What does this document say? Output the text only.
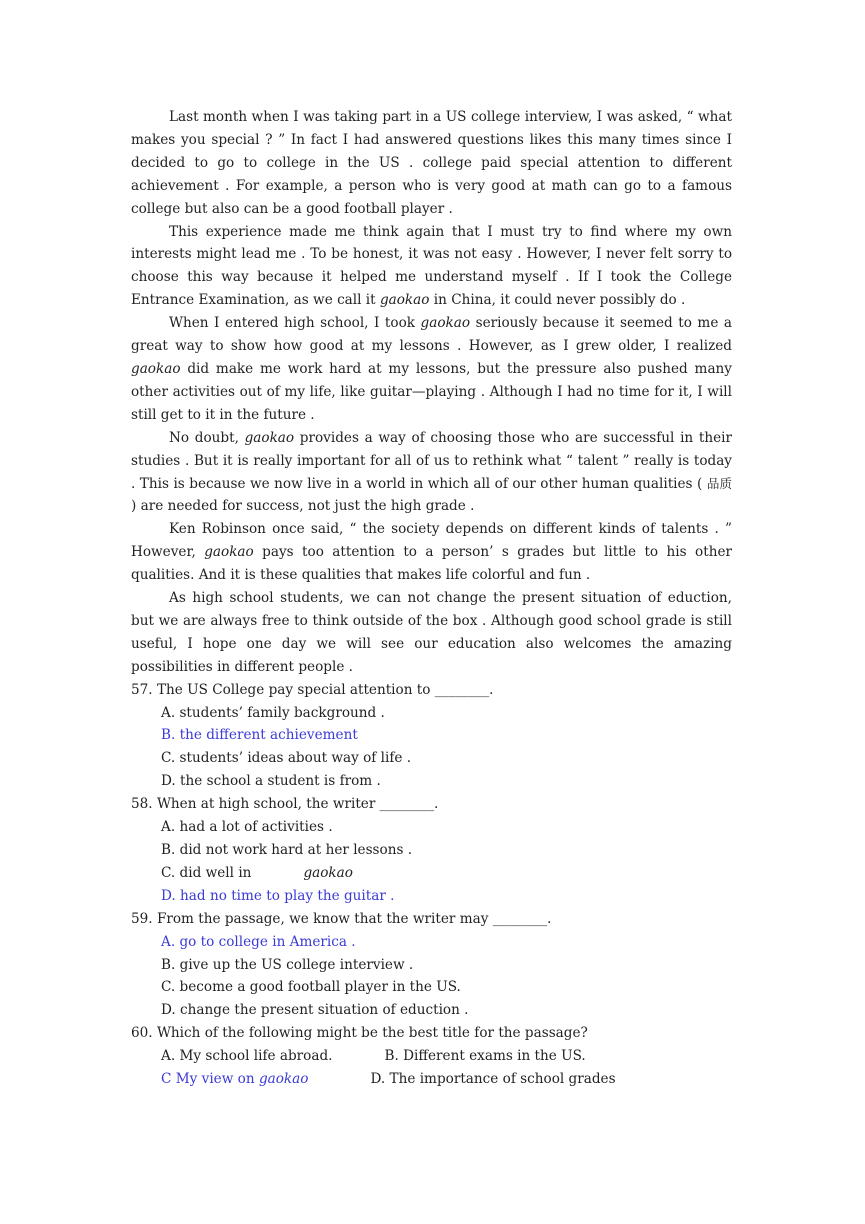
Last month when I was taking part in a US college interview, I was asked, “ what makes you special ? ” In fact I had answered questions likes this many times since I decided to go to college in the US . college paid special attention to different achievement . For example, a person who is very good at math can go to a famous college but also can be a good football player .

This experience made me think again that I must try to find where my own interests might lead me . To be honest, it was not easy . However, I never felt sorry to choose this way because it helped me understand myself . If I took the College Entrance Examination, as we call it gaokao in China, it could never possibly do .

When I entered high school, I took gaokao seriously because it seemed to me a great way to show how good at my lessons . However, as I grew older, I realized gaokao did make me work hard at my lessons, but the pressure also pushed many other activities out of my life, like guitar—playing . Although I had no time for it, I will still get to it in the future .

No doubt, gaokao provides a way of choosing those who are successful in their studies . But it is really important for all of us to rethink what “ talent ” really is today . This is because we now live in a world in which all of our other human qualities ( 品质 ) are needed for success, not just the high grade .

Ken Robinson once said, “ the society depends on different kinds of talents . ” However, gaokao pays too attention to a person’ s grades but little to his other qualities. And it is these qualities that makes life colorful and fun .

As high school students, we can not change the present situation of eduction, but we are always free to think outside of the box . Although good school grade is still useful, I hope one day we will see our education also welcomes the amazing possibilities in different people .

57. The US College pay special attention to ________.

A. students’ family background .

B. the different achievement

C. students’ ideas about way of life .

D. the school a student is from .

58. When at high school, the writer ________.

A. had a lot of activities .

B. did not work hard at her lessons .

C. did well in	gaokao

D. had no time to play the guitar .

59. From the passage, we know that the writer may ________.

A. go to college in America .

B. give up the US college interview .

C. become a good football player in the US.

D. change the present situation of eduction .

60. Which of the following might be the best title for the passage?

A. My school life abroad.	B. Different exams in the US.

C My view on gaokao	D. The importance of school grades
